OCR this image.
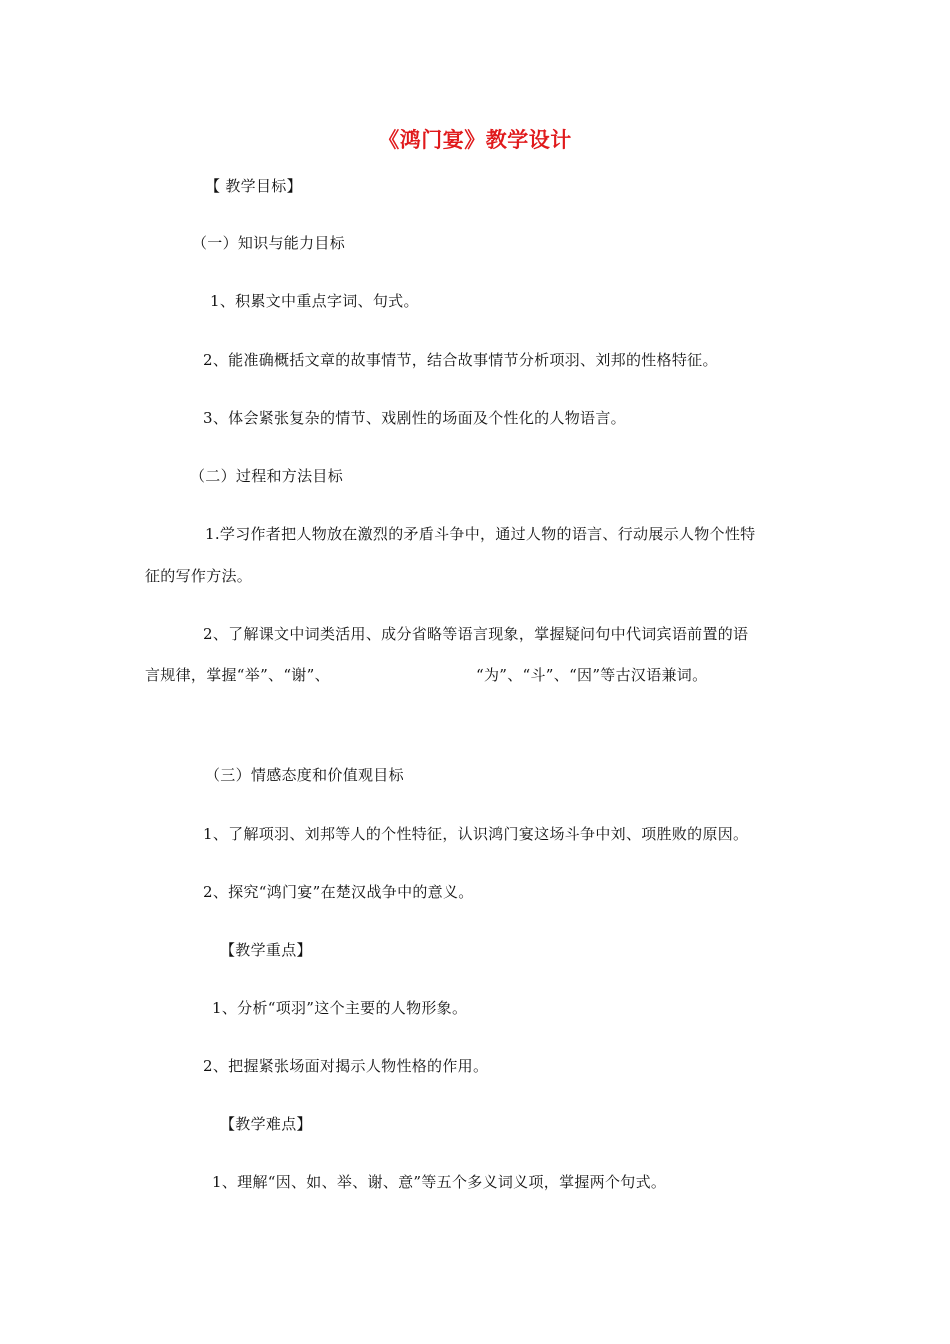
《鸿门宴》教学设计
【 教学目标】
（一）知识与能力目标
1、积累文中重点字词、句式。
2、能准确概括文章的故事情节，结合故事情节分析项羽、刘邦的性格特征。
3、体会紧张复杂的情节、戏剧性的场面及个性化的人物语言。
（二）过程和方法目标
1.学习作者把人物放在激烈的矛盾斗争中，通过人物的语言、行动展示人物个性特
征的写作方法。
2、了解课文中词类活用、成分省略等语言现象，掌握疑问句中代词宾语前置的语
言规律，掌握“举”、“谢”、	“为”、“斗”、“因”等古汉语兼词。
（三）情感态度和价值观目标
1、了解项羽、刘邦等人的个性特征，认识鸿门宴这场斗争中刘、项胜败的原因。
2、探究“鸿门宴”在楚汉战争中的意义。
【教学重点】
1、分析“项羽”这个主要的人物形象。
2、把握紧张场面对揭示人物性格的作用。
【教学难点】
1、理解“因、如、举、谢、意”等五个多义词义项，掌握两个句式。
